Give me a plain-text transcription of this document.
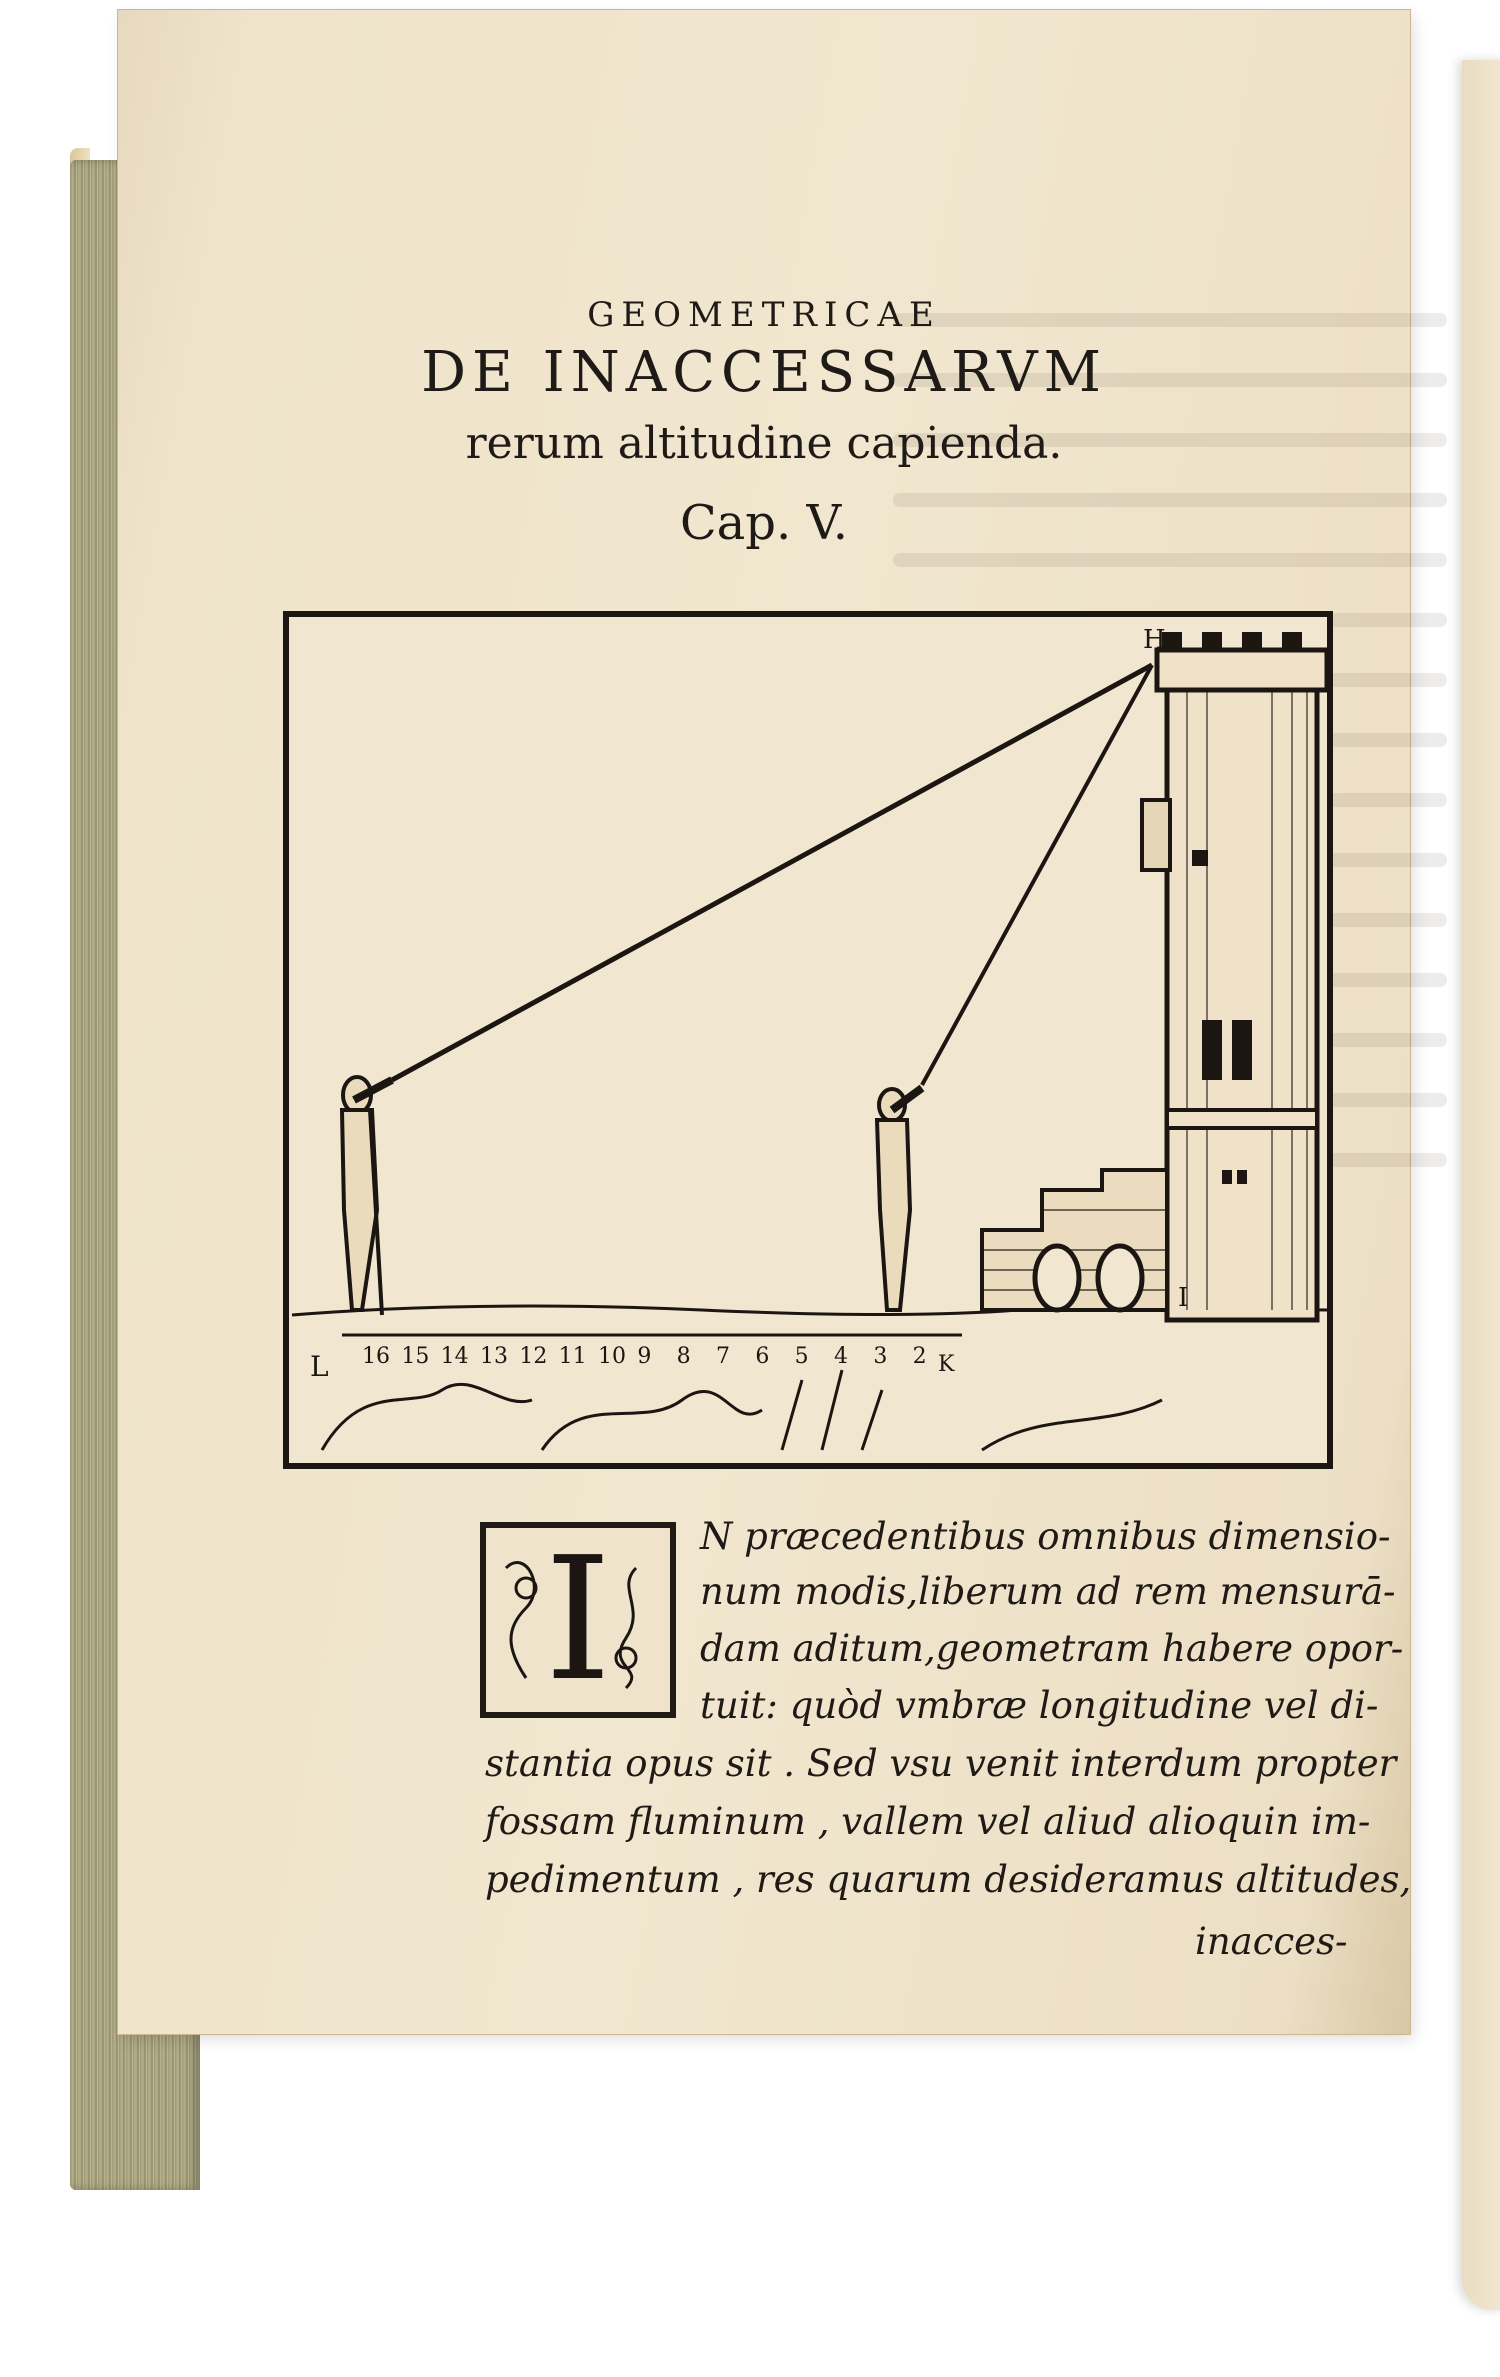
GEOMETRICAE
DE INACCESSARVM
rerum altitudine capienda.
Cap. V.
H
I
K
L 16 15 14 13 12 11 10 9 8 7 6 5 4 3 2
I	N præcedentibus omnibus dimensio-
num modis,liberum ad rem mensurā-
dam aditum,geometram habere opor-
tuit: quòd vmbræ longitudine vel di-
stantia opus sit . Sed vsu venit interdum propter
fossam fluminum , vallem vel aliud alioquin im-
pedimentum , res quarum desideramus altitudes,
inacces-
